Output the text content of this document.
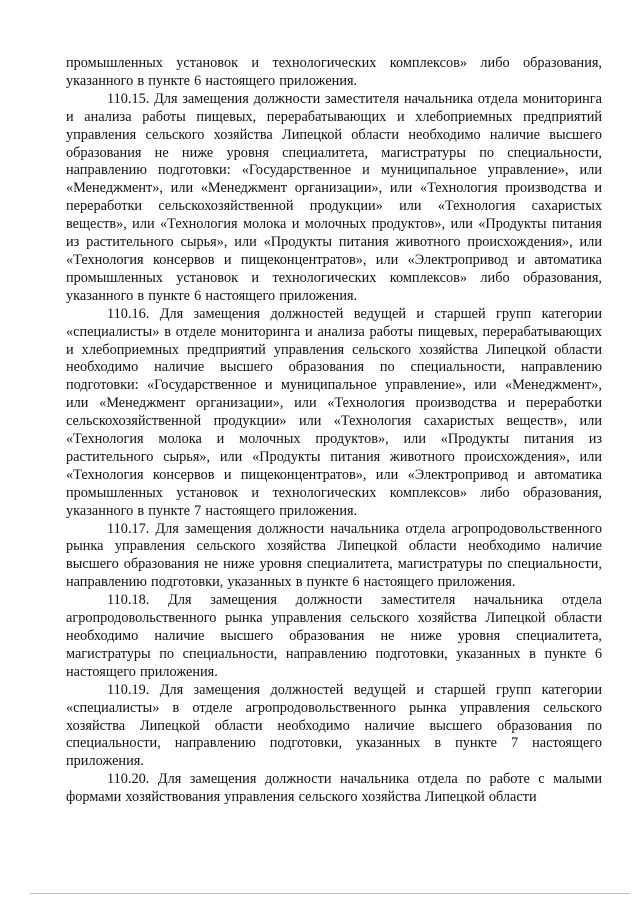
промышленных установок и технологических комплексов» либо образования, указанного в пункте 6 настоящего приложения.

110.15. Для замещения должности заместителя начальника отдела мониторинга и анализа работы пищевых, перерабатывающих и хлебоприемных предприятий управления сельского хозяйства Липецкой области необходимо наличие высшего образования не ниже уровня специалитета, магистратуры по специальности, направлению подготовки: «Государственное и муниципальное управление», или «Менеджмент», или «Менеджмент организации», или «Технология производства и переработки сельскохозяйственной продукции» или «Технология сахаристых веществ», или «Технология молока и молочных продуктов», или «Продукты питания из растительного сырья», или «Продукты питания животного происхождения», или «Технология консервов и пищеконцентратов», или «Электропривод и автоматика промышленных установок и технологических комплексов» либо образования, указанного в пункте 6 настоящего приложения.

110.16. Для замещения должностей ведущей и старшей групп категории «специалисты» в отделе мониторинга и анализа работы пищевых, перерабатывающих и хлебоприемных предприятий управления сельского хозяйства Липецкой области необходимо наличие высшего образования по специальности, направлению подготовки: «Государственное и муниципальное управление», или «Менеджмент», или «Менеджмент организации», или «Технология производства и переработки сельскохозяйственной продукции» или «Технология сахаристых веществ», или «Технология молока и молочных продуктов», или «Продукты питания из растительного сырья», или «Продукты питания животного происхождения», или «Технология консервов и пищеконцентратов», или «Электропривод и автоматика промышленных установок и технологических комплексов» либо образования, указанного в пункте 7 настоящего приложения.

110.17. Для замещения должности начальника отдела агропродовольственного рынка управления сельского хозяйства Липецкой области необходимо наличие высшего образования не ниже уровня специалитета, магистратуры по специальности, направлению подготовки, указанных в пункте 6 настоящего приложения.

110.18. Для замещения должности заместителя начальника отдела агропродовольственного рынка управления сельского хозяйства Липецкой области необходимо наличие высшего образования не ниже уровня специалитета, магистратуры по специальности, направлению подготовки, указанных в пункте 6 настоящего приложения.

110.19. Для замещения должностей ведущей и старшей групп категории «специалисты» в отделе агропродовольственного рынка управления сельского хозяйства Липецкой области необходимо наличие высшего образования по специальности, направлению подготовки, указанных в пункте 7 настоящего приложения.

110.20. Для замещения должности начальника отдела по работе с малыми формами хозяйствования управления сельского хозяйства Липецкой области
